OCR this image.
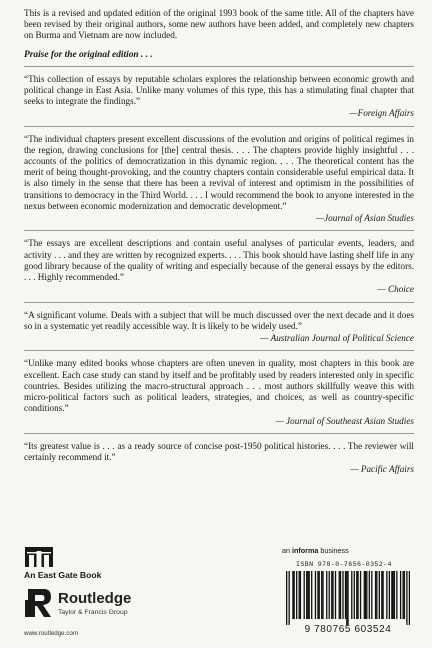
This is a revised and updated edition of the original 1993 book of the same title. All of the chapters have been revised by their original authors, some new authors have been added, and completely new chapters on Burma and Vietnam are now included.

Praise for the original edition . . .

“This collection of essays by reputable scholars explores the relationship between economic growth and political change in East Asia. Unlike many volumes of this type, this has a stimulating final chapter that seeks to integrate the findings.”

—Foreign Affairs

“The individual chapters present excellent discussions of the evolution and origins of political regimes in the region, drawing conclusions for [the] central thesis. . . . The chapters provide highly insightful . . . accounts of the politics of democratization in this dynamic region. . . . The theoretical content has the merit of being thought-provoking, and the country chapters contain considerable useful empirical data. It is also timely in the sense that there has been a revival of interest and optimism in the possibilities of transitions to democracy in the Third World. . . . I would recommend the book to anyone interested in the nexus between economic modernization and democratic development.”

—Journal of Asian Studies

“The essays are excellent descriptions and contain useful analyses of particular events, leaders, and activity . . . and they are written by recognized experts. . . . This book should have lasting shelf life in any good library because of the quality of writing and especially because of the general essays by the editors. . . . Highly recommended.”

— Choice

“A significant volume. Deals with a subject that will be much discussed over the next decade and it does so in a systematic yet readily accessible way. It is likely to be widely used.”

— Australian Journal of Political Science

“Unlike many edited books whose chapters are often uneven in quality, most chapters in this book are excellent. Each case study can stand by itself and be profitably used by readers interested only in specific countries. Besides utilizing the macro-structural approach . . . most authors skillfully weave this with micro-political factors such as political leaders, strategies, and choices, as well as country-specific conditions.”

— Journal of Southeast Asian Studies

“Its greatest value is . . . as a ready source of concise post-1950 political histories. . . . The reviewer will certainly recommend it.”

— Pacific Affairs

An East Gate Book
Routledge
Taylor & Francis Group
www.routledge.com
an informa business
ISBN 978-0-7656-0352-4
9 780765 603524
